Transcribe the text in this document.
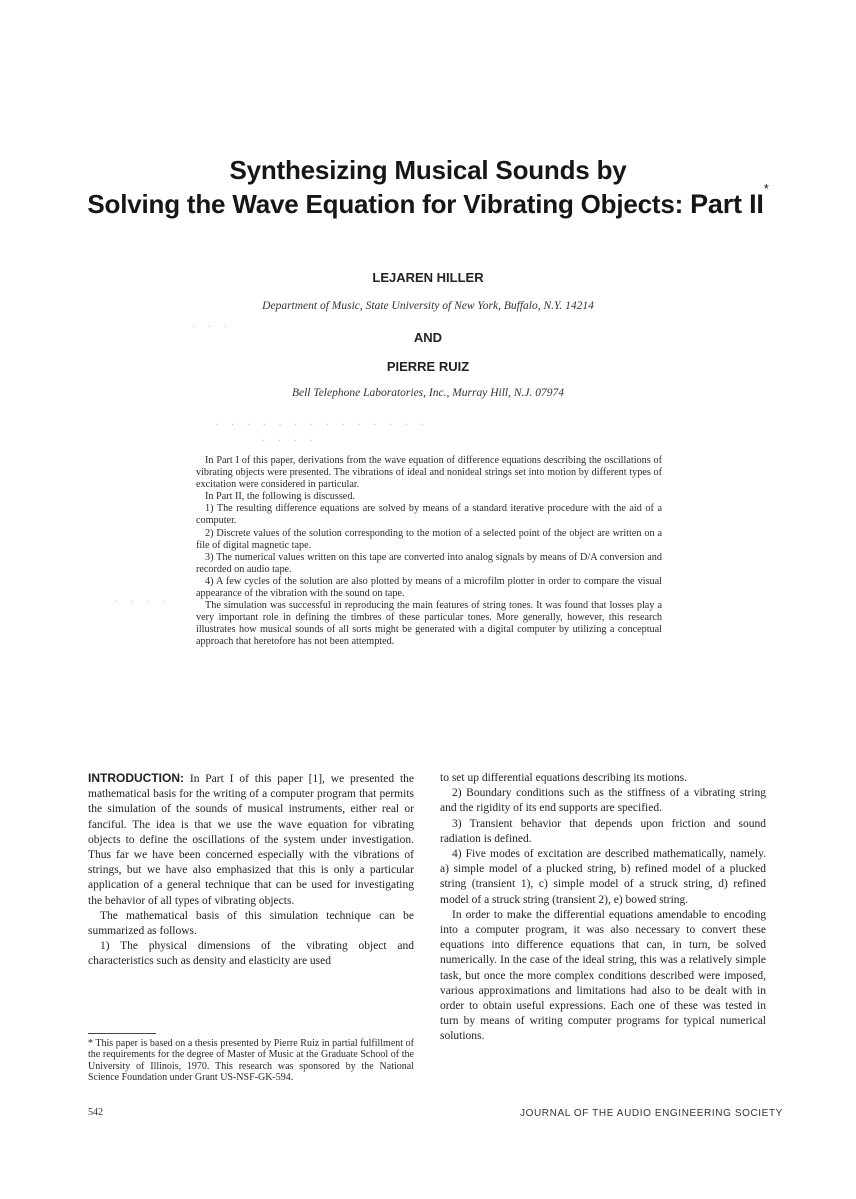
Synthesizing Musical Sounds by
Solving the Wave Equation for Vibrating Objects: Part II*
LEJAREN HILLER
Department of Music, State University of New York, Buffalo, N.Y. 14214
AND
PIERRE RUIZ
Bell Telephone Laboratories, Inc., Murray Hill, N.J. 07974
· · ·
· · · · · · · · · · · · · ·
· · · ·
· · · ·

In Part I of this paper, derivations from the wave equation of difference equations describing the oscillations of vibrating objects were presented. The vibrations of ideal and nonideal strings set into motion by different types of excitation were considered in particular.

In Part II, the following is discussed.

1) The resulting difference equations are solved by means of a standard iterative procedure with the aid of a computer.

2) Discrete values of the solution corresponding to the motion of a selected point of the object are written on a file of digital magnetic tape.

3) The numerical values written on this tape are converted into analog signals by means of D/A conversion and recorded on audio tape.

4) A few cycles of the solution are also plotted by means of a microfilm plotter in order to compare the visual appearance of the vibration with the sound on tape.

The simulation was successful in reproducing the main features of string tones. It was found that losses play a very important role in defining the timbres of these particular tones. More generally, however, this research illustrates how musical sounds of all sorts might be generated with a digital computer by utilizing a conceptual approach that heretofore has not been attempted.

INTRODUCTION: In Part I of this paper [1], we presented the mathematical basis for the writing of a computer program that permits the simulation of the sounds of musical instruments, either real or fanciful. The idea is that we use the wave equation for vibrating objects to define the oscillations of the system under investigation. Thus far we have been concerned especially with the vibrations of strings, but we have also emphasized that this is only a particular application of a general technique that can be used for investigating the behavior of all types of vibrating objects.

The mathematical basis of this simulation technique can be summarized as follows.

1) The physical dimensions of the vibrating object and characteristics such as density and elasticity are used

to set up differential equations describing its motions.

2) Boundary conditions such as the stiffness of a vibrating string and the rigidity of its end supports are specified.

3) Transient behavior that depends upon friction and sound radiation is defined.

4) Five modes of excitation are described mathematically, namely. a) simple model of a plucked string, b) refined model of a plucked string (transient 1), c) simple model of a struck string, d) refined model of a struck string (transient 2), e) bowed string.

In order to make the differential equations amendable to encoding into a computer program, it was also necessary to convert these equations into difference equations that can, in turn, be solved numerically. In the case of the ideal string, this was a relatively simple task, but once the more complex conditions described were imposed, various approximations and limitations had also to be dealt with in order to obtain useful expressions. Each one of these was tested in turn by means of writing computer programs for typical numerical solutions.

* This paper is based on a thesis presented by Pierre Ruiz in partial fulfillment of the requirements for the degree of Master of Music at the Graduate School of the University of Illinois, 1970. This research was sponsored by the National Science Foundation under Grant US-NSF-GK-594.
542	JOURNAL OF THE AUDIO ENGINEERING SOCIETY
